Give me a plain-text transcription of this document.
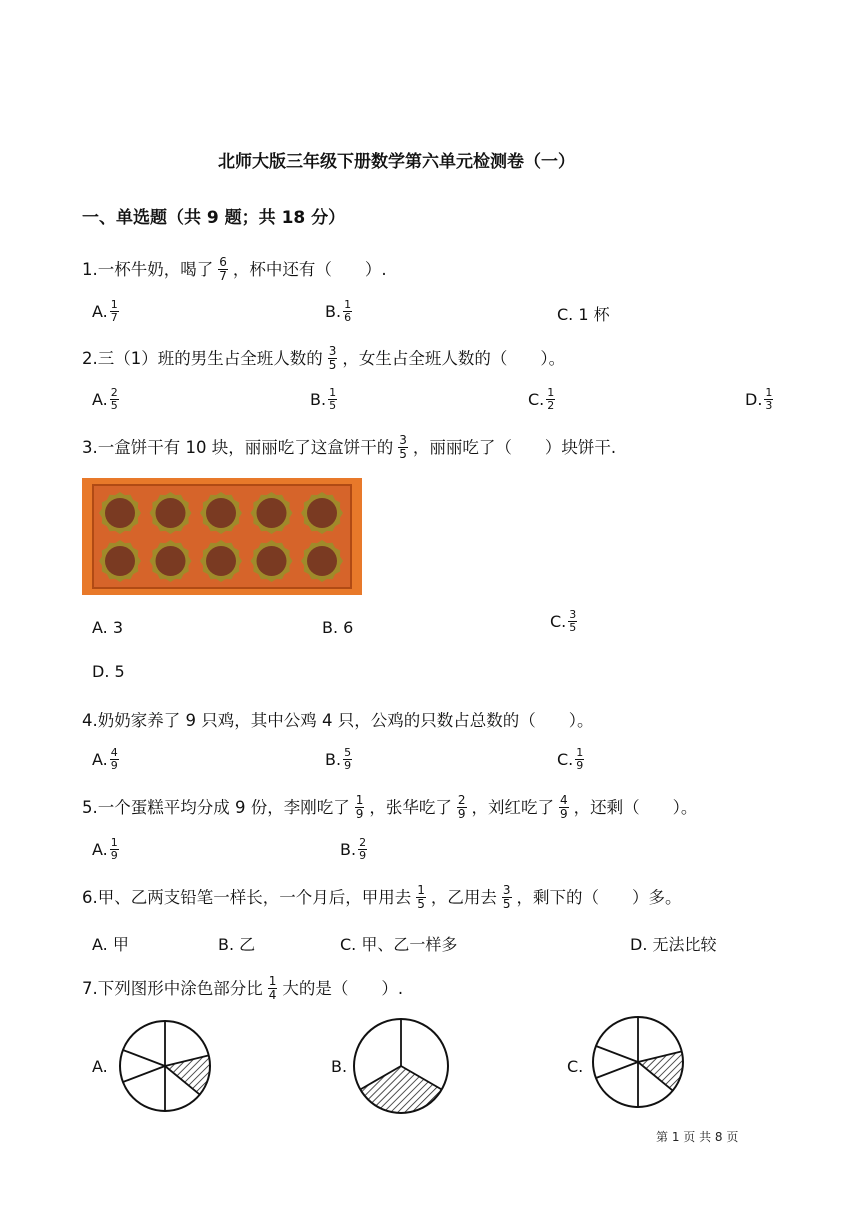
北师大版三年级下册数学第六单元检测卷（一）
一、单选题（共 9 题；共 18 分）
1.一杯牛奶，喝了 $\frac{6}{7}$ ，杯中还有（　　）.
A. $\frac{1}{7}$	B. $\frac{1}{6}$	C. 1 杯
2.三（1）班的男生占全班人数的 $\frac{3}{5}$ ，女生占全班人数的（　　）。
A. $\frac{2}{5}$	B. $\frac{1}{5}$	C. $\frac{1}{2}$	D. $\frac{1}{3}$
3.一盒饼干有 10 块，丽丽吃了这盒饼干的 $\frac{3}{5}$ ，丽丽吃了（　　）块饼干.
A. 3	B. 6	C. $\frac{3}{5}$
D. 5
4.奶奶家养了 9 只鸡，其中公鸡 4 只，公鸡的只数占总数的（　　）。
A. $\frac{4}{9}$	B. $\frac{5}{9}$	C. $\frac{1}{9}$
5.一个蛋糕平均分成 9 份，李刚吃了 $\frac{1}{9}$ ，张华吃了 $\frac{2}{9}$ ，刘红吃了 $\frac{4}{9}$ ，还剩（　　）。
A. $\frac{1}{9}$	B. $\frac{2}{9}$
6.甲、乙两支铅笔一样长，一个月后，甲用去 $\frac{1}{5}$ ，乙用去 $\frac{3}{5}$ ，剩下的（　　）多。
A. 甲	B. 乙	C. 甲、乙一样多	D. 无法比较
7.下列图形中涂色部分比 $\frac{1}{4}$ 大的是（　　）.
A.	B.	C.
第 1 页 共 8 页
